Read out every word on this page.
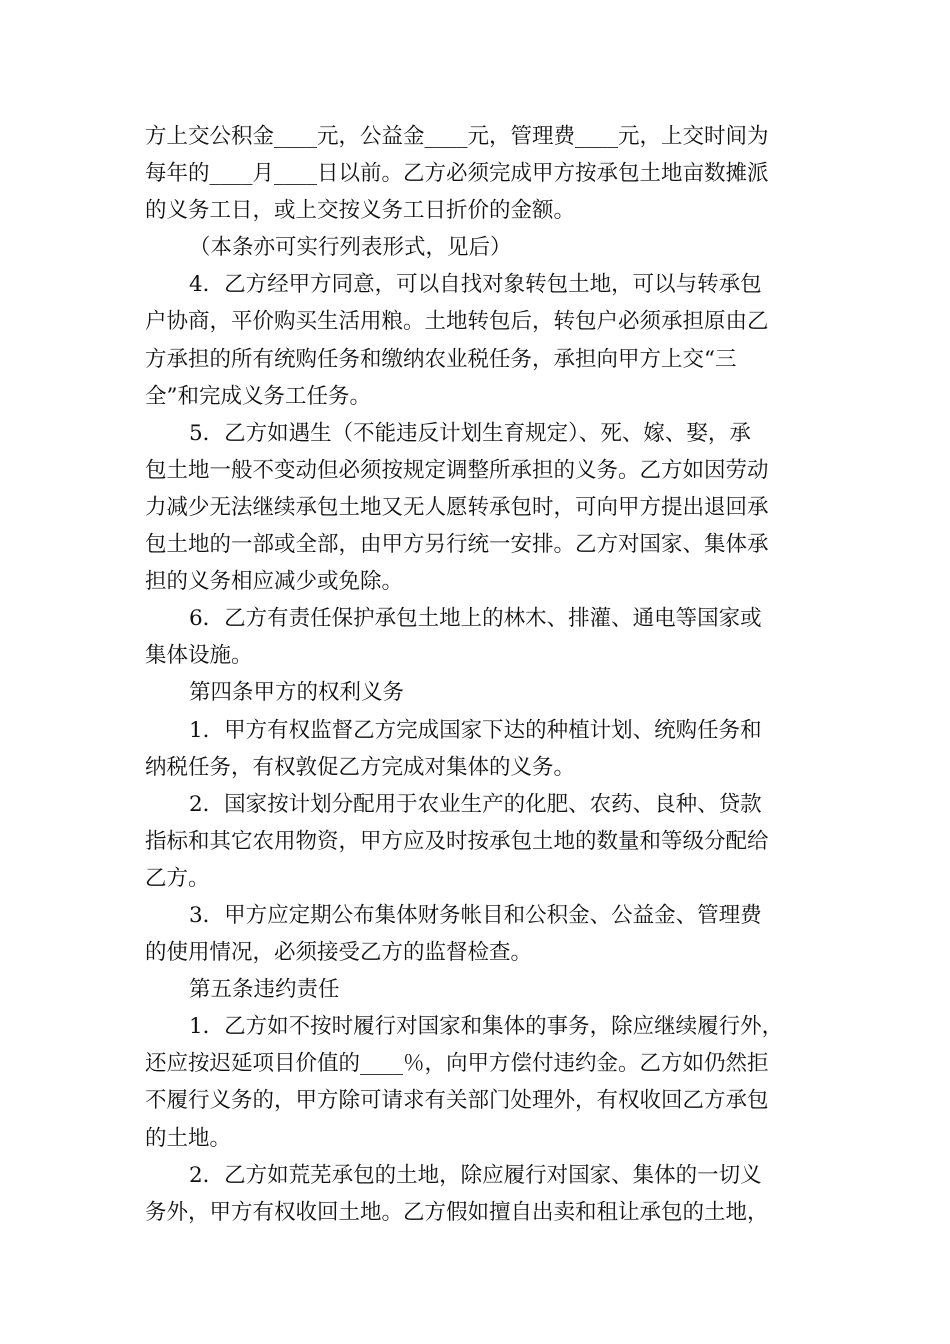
方上交公积金____元，公益金____元，管理费____元，上交时间为
每年的____月____日以前。乙方必须完成甲方按承包土地亩数摊派
的义务工日，或上交按义务工日折价的金额。
（本条亦可实行列表形式，见后）
4．乙方经甲方同意，可以自找对象转包土地，可以与转承包
户协商，平价购买生活用粮。土地转包后，转包户必须承担原由乙
方承担的所有统购任务和缴纳农业税任务，承担向甲方上交“三
全”和完成义务工任务。
5．乙方如遇生（不能违反计划生育规定）、死、嫁、娶，承
包土地一般不变动但必须按规定调整所承担的义务。乙方如因劳动
力减少无法继续承包土地又无人愿转承包时，可向甲方提出退回承
包土地的一部或全部，由甲方另行统一安排。乙方对国家、集体承
担的义务相应减少或免除。
6．乙方有责任保护承包土地上的林木、排灌、通电等国家或
集体设施。
第四条甲方的权利义务
1．甲方有权监督乙方完成国家下达的种植计划、统购任务和
纳税任务，有权敦促乙方完成对集体的义务。
2．国家按计划分配用于农业生产的化肥、农药、良种、贷款
指标和其它农用物资，甲方应及时按承包土地的数量和等级分配给
乙方。
3．甲方应定期公布集体财务帐目和公积金、公益金、管理费
的使用情况，必须接受乙方的监督检查。
第五条违约责任
1．乙方如不按时履行对国家和集体的事务，除应继续履行外，
还应按迟延项目价值的____％，向甲方偿付违约金。乙方如仍然拒
不履行义务的，甲方除可请求有关部门处理外，有权收回乙方承包
的土地。
2．乙方如荒芜承包的土地，除应履行对国家、集体的一切义
务外，甲方有权收回土地。乙方假如擅自出卖和租让承包的土地，
